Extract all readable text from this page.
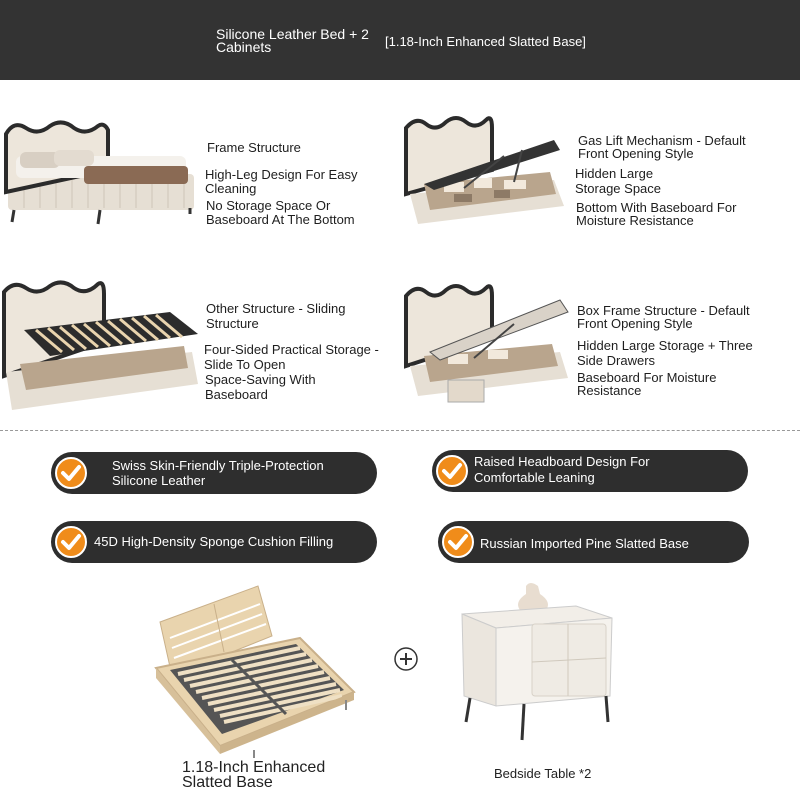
Silicone Leather Bed + 2 Cabinets	[1.18-Inch Enhanced Slatted Base]
Frame Structure
High-Leg Design For Easy Cleaning
No Storage Space Or Baseboard At The Bottom
Gas Lift Mechanism - Default Front Opening Style
Hidden Large Storage Space
Bottom With Baseboard For Moisture Resistance
Other Structure - Sliding Structure
Four-Sided Practical Storage - Slide To Open
Space-Saving With Baseboard
Box Frame Structure - Default Front Opening Style
Hidden Large Storage + Three Side Drawers
Baseboard For Moisture Resistance
Swiss Skin-Friendly Triple-Protection Silicone Leather
Raised Headboard Design For Comfortable Leaning
45D High-Density Sponge Cushion Filling	Russian Imported Pine Slatted Base
1.18-Inch Enhanced Slatted Base
Bedside Table *2
